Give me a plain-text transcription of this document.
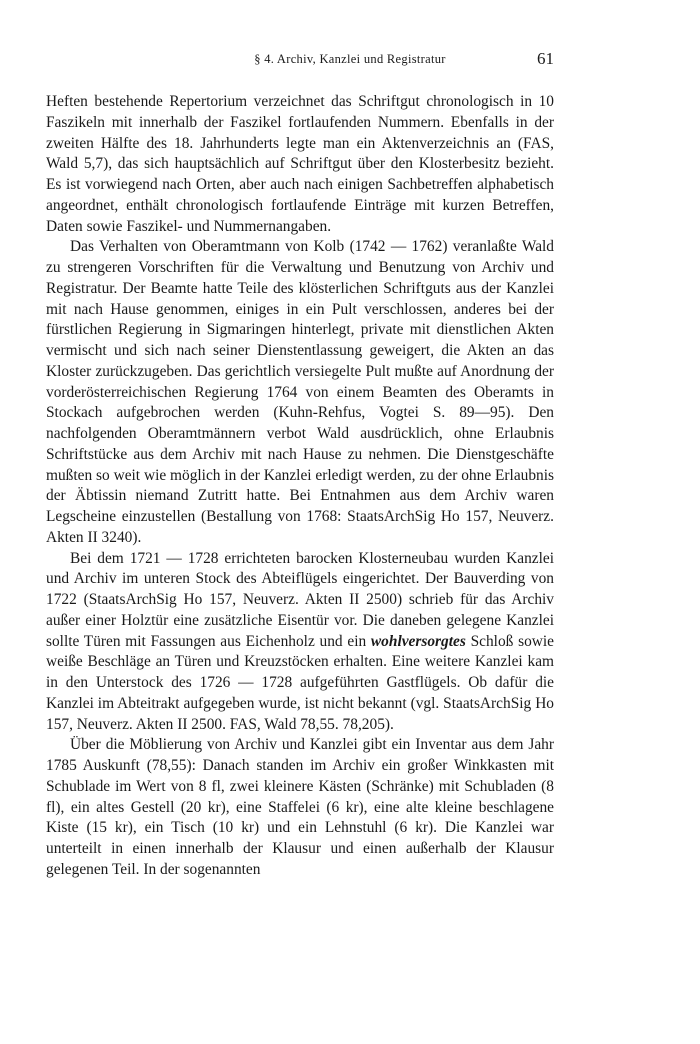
§ 4. Archiv, Kanzlei und Registratur	61

Heften bestehende Repertorium verzeichnet das Schriftgut chronologisch in 10 Faszikeln mit innerhalb der Faszikel fortlaufenden Nummern. Ebenfalls in der zweiten Hälfte des 18. Jahrhunderts legte man ein Aktenverzeichnis an (FAS, Wald 5,7), das sich hauptsächlich auf Schriftgut über den Klosterbesitz bezieht. Es ist vorwiegend nach Orten, aber auch nach einigen Sachbetreffen alphabetisch angeordnet, enthält chronologisch fortlaufende Einträge mit kurzen Betreffen, Daten sowie Faszikel- und Nummernangaben.

Das Verhalten von Oberamtmann von Kolb (1742 — 1762) veranlaßte Wald zu strengeren Vorschriften für die Verwaltung und Benutzung von Archiv und Registratur. Der Beamte hatte Teile des klösterlichen Schriftguts aus der Kanzlei mit nach Hause genommen, einiges in ein Pult verschlossen, anderes bei der fürstlichen Regierung in Sigmaringen hinterlegt, private mit dienstlichen Akten vermischt und sich nach seiner Dienstentlassung geweigert, die Akten an das Kloster zurückzugeben. Das gerichtlich versiegelte Pult mußte auf Anordnung der vorderösterreichischen Regierung 1764 von einem Beamten des Oberamts in Stockach aufgebrochen werden (Kuhn-Rehfus, Vogtei S. 89—95). Den nachfolgenden Oberamtmännern verbot Wald ausdrücklich, ohne Erlaubnis Schriftstücke aus dem Archiv mit nach Hause zu nehmen. Die Dienstgeschäfte mußten so weit wie möglich in der Kanzlei erledigt werden, zu der ohne Erlaubnis der Äbtissin niemand Zutritt hatte. Bei Entnahmen aus dem Archiv waren Legscheine einzustellen (Bestallung von 1768: StaatsArchSig Ho 157, Neuverz. Akten II 3240).

Bei dem 1721 — 1728 errichteten barocken Klosterneubau wurden Kanzlei und Archiv im unteren Stock des Abteiflügels eingerichtet. Der Bauverding von 1722 (StaatsArchSig Ho 157, Neuverz. Akten II 2500) schrieb für das Archiv außer einer Holztür eine zusätzliche Eisentür vor. Die daneben gelegene Kanzlei sollte Türen mit Fassungen aus Eichenholz und ein wohlversorgtes Schloß sowie weiße Beschläge an Türen und Kreuzstöcken erhalten. Eine weitere Kanzlei kam in den Unterstock des 1726 — 1728 aufgeführten Gastflügels. Ob dafür die Kanzlei im Abteitrakt aufgegeben wurde, ist nicht bekannt (vgl. StaatsArchSig Ho 157, Neuverz. Akten II 2500. FAS, Wald 78,55. 78,205).

Über die Möblierung von Archiv und Kanzlei gibt ein Inventar aus dem Jahr 1785 Auskunft (78,55): Danach standen im Archiv ein großer Winkkasten mit Schublade im Wert von 8 fl, zwei kleinere Kästen (Schränke) mit Schubladen (8 fl), ein altes Gestell (20 kr), eine Staffelei (6 kr), eine alte kleine beschlagene Kiste (15 kr), ein Tisch (10 kr) und ein Lehnstuhl (6 kr). Die Kanzlei war unterteilt in einen innerhalb der Klausur und einen außerhalb der Klausur gelegenen Teil. In der sogenannten
